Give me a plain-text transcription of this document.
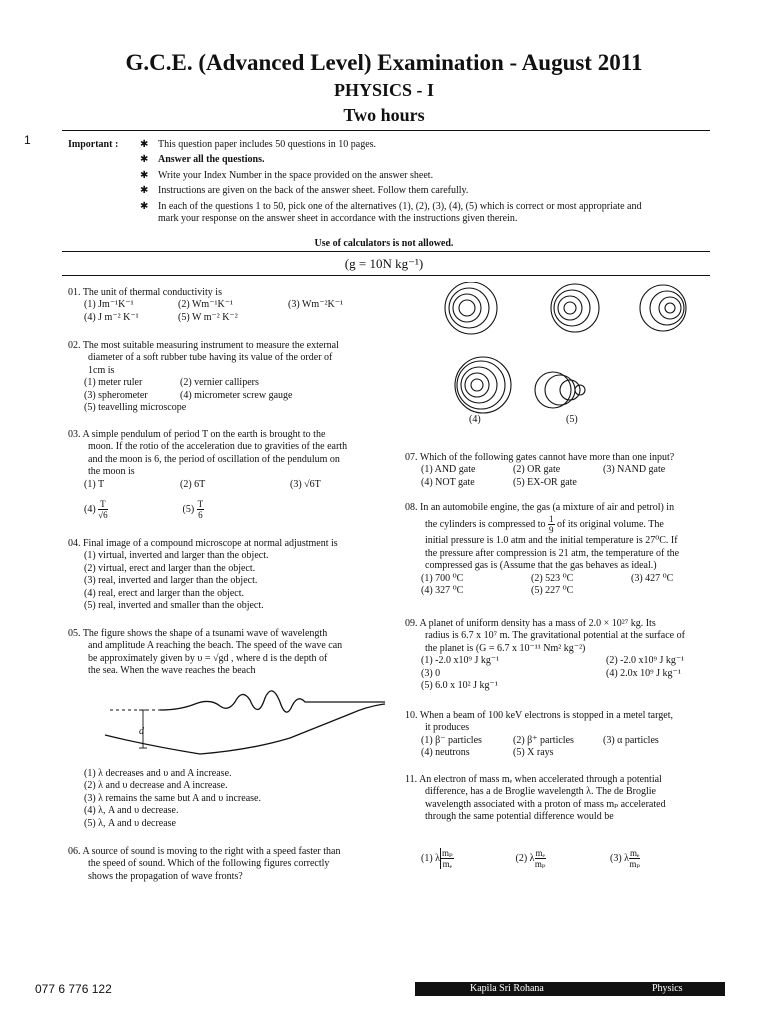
1
G.C.E. (Advanced Level) Examination - August 2011
PHYSICS - I
Two hours
Important : ✱ This question paper includes 50 questions in 10 pages.
✱ Answer all the questions.
✱ Write your Index Number in the space provided on the answer sheet.
✱ Instructions are given on the back of the answer sheet. Follow them carefully.
✱ In each of the questions 1 to 50, pick one of the alternatives (1), (2), (3), (4), (5) which is correct or most appropriate and
mark your response on the answer sheet in accordance with the instructions given therein.
Use of calculators is not allowed.
(g = 10N kg⁻¹)
01. The unit of thermal conductivity is
(1) Jm⁻¹K⁻¹	(2) Wm⁻¹K⁻¹	(3) Wm⁻²K⁻¹
(4) J m⁻² K⁻¹	(5) W m⁻² K⁻²
02. The most suitable measuring instrument to measure the external
diameter of a soft rubber tube having its value of the order of
1cm is
(1) meter ruler	(2) vernier callipers
(3) spherometer	(4) micrometer screw gauge
(5) teavelling microscope
03. A simple pendulum of period T on the earth is brought to the
moon. If the rotio of the acceleration due to gravities of the earth
and the moon is 6, the period of oscillation of the pendulum on
the moon is
(1) T	(2) 6T	(3) √6T
$(4) \frac{T}{√6}$	$(5) \frac{T}{6}$
04. Final image of a compound microscope at normal adjustment is
(1) virtual, inverted and larger than the object.
(2) virtual, erect and larger than the object.
(3) real, inverted and larger than the object.
(4) real, erect and larger than the object.
(5) real, inverted and smaller than the object.
05. The figure shows the shape of a tsunami wave of wavelength
and amplitude A reaching the beach. The speed of the wave can
be approximately given by υ = √gd , where d is the depth of
the sea. When the wave reaches the beach
d
(1) λ decreases and υ and A increase.
(2) λ and υ decrease and A increase.
(3) λ remains the same but A and υ increase.
(4) λ, A and υ decrease.
(5) λ, A and υ decrease
06. A source of sound is moving to the right with a speed faster than
the speed of sound. Which of the following figures correctly
shows the propagation of wave fronts?
(4)	(5)
07. Which of the following gates cannot have more than one input?
(1) AND gate	(2) OR gate	(3) NAND gate
(4) NOT gate	(5) EX-OR gate
08. In an automobile engine, the gas (a mixture of air and petrol) in
the cylinders is compressed to $\frac{1}{9}$ of its original volume. The
initial pressure is 1.0 atm and the initial temperature is 27⁰C. If
the pressure after compression is 21 atm, the temperature of the
compressed gas is (Assume that the gas behaves as ideal.)
(1) 700 ⁰C	(2) 523 ⁰C	(3) 427 ⁰C
(4) 327 ⁰C	(5) 227 ⁰C
09. A planet of uniform density has a mass of 2.0 × 10²⁷ kg. Its
radius is 6.7 x 10⁷ m. The gravitational potential at the surface of
the planet is (G = 6.7 x 10⁻¹¹ Nm² kg⁻²)
(1) -2.0 x10⁹ J kg⁻¹	(2) -2.0 x10⁹ J kg⁻¹
(3) 0	(4) 2.0x 10⁹ J kg⁻¹
(5) 6.0 x 10² J kg⁻¹
10. When a beam of 100 keV electrons is stopped in a metel target,
it produces
(1) β⁻ particles	(2) β⁺ particles	(3) α particles
(4) neutrons	(5) X rays
11. An electron of mass mₑ when accelerated through a potential
difference, has a de Broglie wavelength λ. The de Broglie
wavelength associated with a proton of mass mₚ accelerated
through the same potential difference would be
(1) λ $\frac{\text{mₚ}}{\text{mₑ}}$	(2) λ $\frac{\text{mₑ}}{\text{mₚ}}$	(3) λ $\frac{\text{mₑ}}{\text{mₚ}}$
077 6 776 122	Kapila Sri Rohana	Physics
